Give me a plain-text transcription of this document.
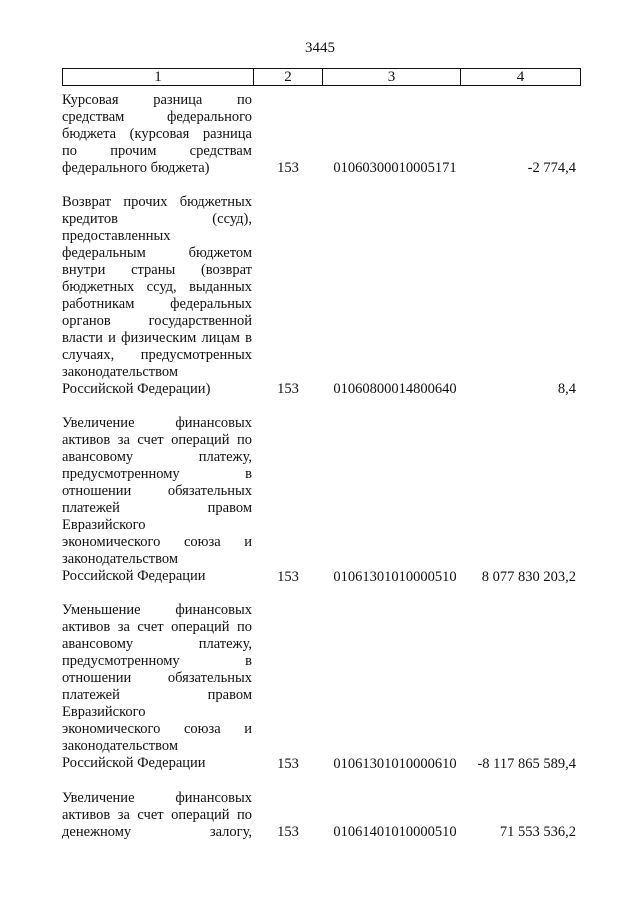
3445
1	2	3	4
Курсовая разница по
средствам федерального
бюджета (курсовая разница
по прочим средствам
федерального бюджета)	153	01060300010005171	-2 774,4
Возврат прочих бюджетных
кредитов (ссуд),
предоставленных
федеральным бюджетом
внутри страны (возврат
бюджетных ссуд, выданных
работникам федеральных
органов государственной
власти и физическим лицам в
случаях, предусмотренных
законодательством
Российской Федерации)	153	01060800014800640	8,4
Увеличение финансовых
активов за счет операций по
авансовому платежу,
предусмотренному в
отношении обязательных
платежей правом
Евразийского
экономического союза и
законодательством
Российской Федерации	153	01061301010000510	8 077 830 203,2
Уменьшение финансовых
активов за счет операций по
авансовому платежу,
предусмотренному в
отношении обязательных
платежей правом
Евразийского
экономического союза и
законодательством
Российской Федерации	153	01061301010000610	-8 117 865 589,4
Увеличение финансовых
активов за счет операций по
денежному залогу,	153	01061401010000510	71 553 536,2
